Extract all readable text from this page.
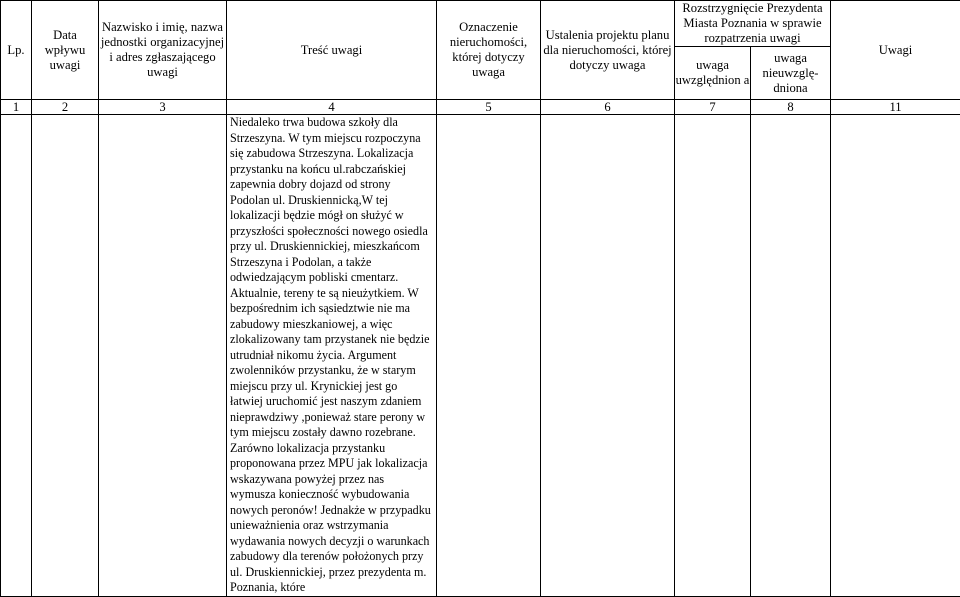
Lp.	Data wpływu uwagi	Nazwisko i imię, nazwa jednostki organizacyjnej i adres zgłaszającego uwagi	Treść uwagi	Oznaczenie nieruchomości, której dotyczy uwaga	Ustalenia projektu planu dla nieruchomości, której dotyczy uwaga	Rozstrzygnięcie Prezydenta Miasta Poznania w sprawie rozpatrzenia uwagi		Uwagi

						uwaga uwzględnion a	uwaga nieuwzglę- dniona	

1	2	3	4	5	6	7	8	11
			Niedaleko trwa budowa szkoły dla Strzeszyna. W tym miejscu rozpoczyna się zabudowa Strzeszyna. Lokalizacja przystanku na końcu ul.rabczańskiej zapewnia dobry dojazd od strony Podolan ul. Druskiennicką,W tej lokalizacji będzie mógł on służyć w przyszłości społeczności nowego osiedla przy ul. Druskiennickiej, mieszkańcom Strzeszyna i Podolan, a także odwiedzającym pobliski cmentarz. Aktualnie, tereny te są nieużytkiem. W bezpośrednim ich sąsiedztwie nie ma zabudowy mieszkaniowej, a więc zlokalizowany tam przystanek nie będzie utrudniał nikomu życia. Argument zwolenników przystanku, że w starym miejscu przy ul. Krynickiej jest go łatwiej uruchomić jest naszym zdaniem nieprawdziwy ,ponieważ stare perony w tym miejscu zostały dawno rozebrane. Zarówno lokalizacja przystanku proponowana przez MPU jak lokalizacja wskazywana powyżej przez nas wymusza konieczność wybudowania nowych peronów! Jednakże w przypadku unieważnienia oraz wstrzymania wydawania nowych decyzji o warunkach zabudowy dla terenów położonych przy ul. Druskiennickiej, przez prezydenta m. Poznania, które					
